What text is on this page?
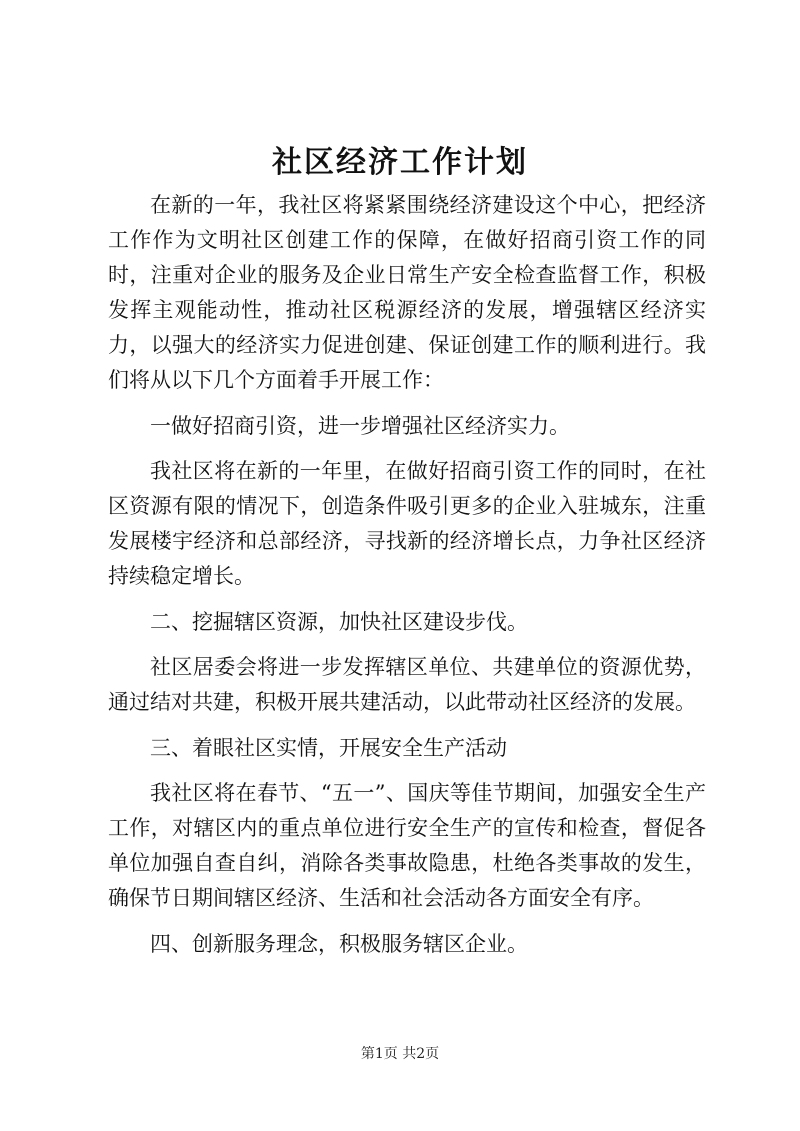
社区经济工作计划

在新的一年，我社区将紧紧围绕经济建设这个中心，把经济工作作为文明社区创建工作的保障，在做好招商引资工作的同时，注重对企业的服务及企业日常生产安全检查监督工作，积极发挥主观能动性，推动社区税源经济的发展，增强辖区经济实力，以强大的经济实力促进创建、保证创建工作的顺利进行。我们将从以下几个方面着手开展工作：

一做好招商引资，进一步增强社区经济实力。

我社区将在新的一年里，在做好招商引资工作的同时，在社区资源有限的情况下，创造条件吸引更多的企业入驻城东，注重发展楼宇经济和总部经济，寻找新的经济增长点，力争社区经济持续稳定增长。

二、挖掘辖区资源，加快社区建设步伐。

社区居委会将进一步发挥辖区单位、共建单位的资源优势，通过结对共建，积极开展共建活动，以此带动社区经济的发展。

三、着眼社区实情，开展安全生产活动

我社区将在春节、“五一”、国庆等佳节期间，加强安全生产工作，对辖区内的重点单位进行安全生产的宣传和检查，督促各单位加强自查自纠，消除各类事故隐患，杜绝各类事故的发生，确保节日期间辖区经济、生活和社会活动各方面安全有序。

四、创新服务理念，积极服务辖区企业。

第1页 共2页
